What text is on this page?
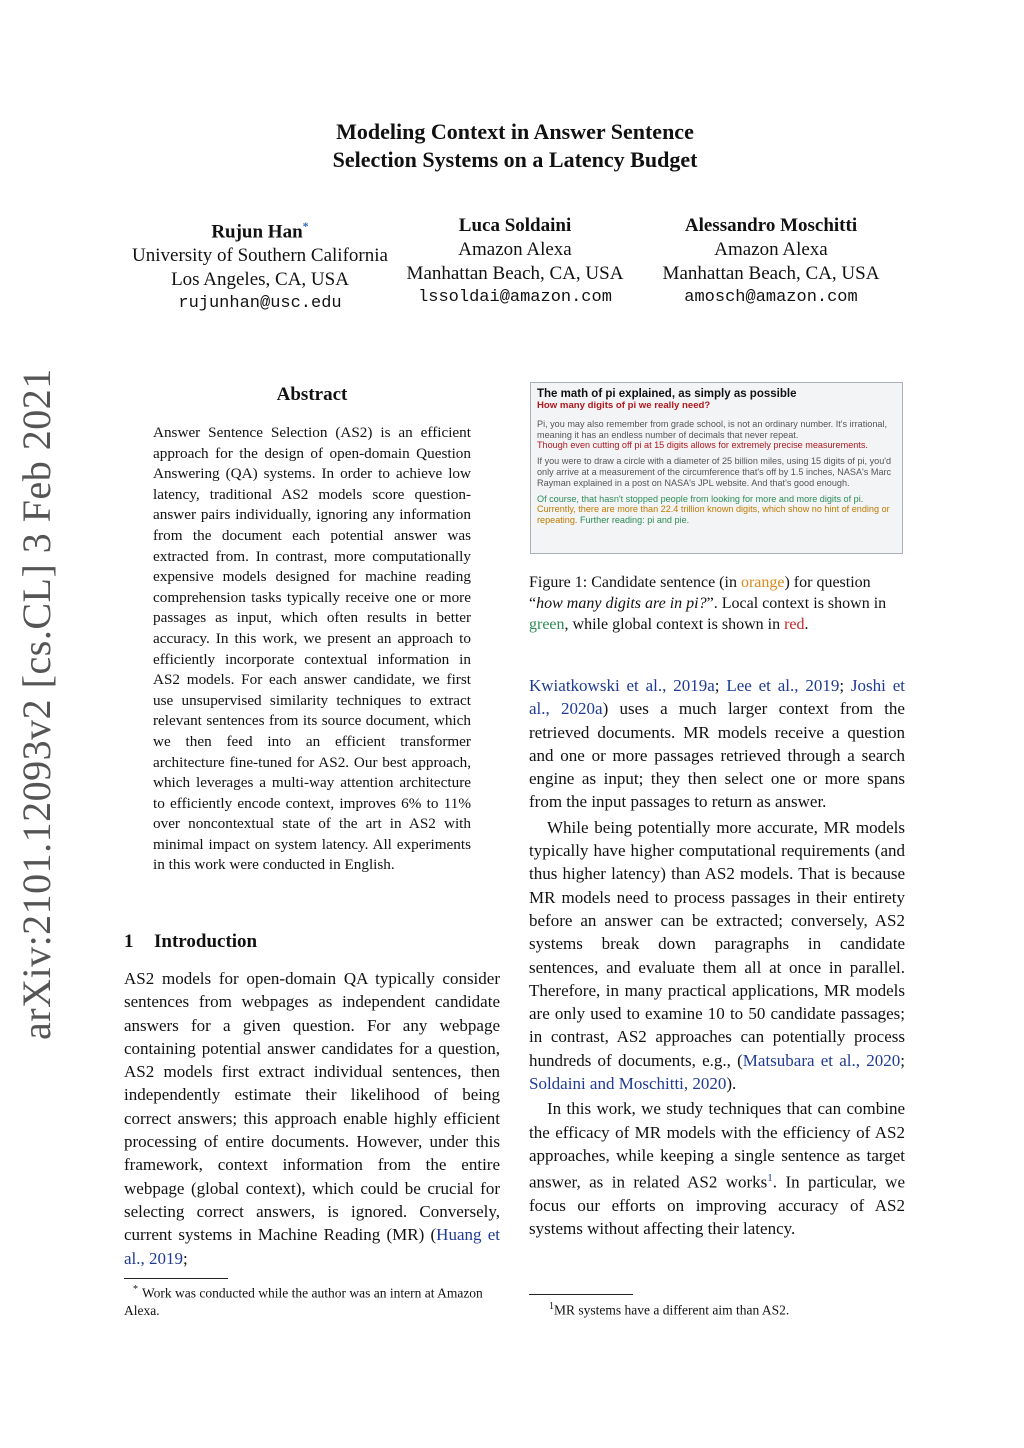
arXiv:2101.12093v2 [cs.CL] 3 Feb 2021
Modeling Context in Answer Sentence
Selection Systems on a Latency Budget
Rujun Han*
University of Southern California
Los Angeles, CA, USA
rujunhan@usc.edu
Luca Soldaini
Amazon Alexa
Manhattan Beach, CA, USA
lssoldai@amazon.com
Alessandro Moschitti
Amazon Alexa
Manhattan Beach, CA, USA
amosch@amazon.com
Abstract
Answer Sentence Selection (AS2) is an efficient approach for the design of open-domain Question Answering (QA) systems. In order to achieve low latency, traditional AS2 models score question-answer pairs individually, ignoring any information from the document each potential answer was extracted from. In contrast, more computationally expensive models designed for machine reading comprehension tasks typically receive one or more passages as input, which often results in better accuracy. In this work, we present an approach to efficiently incorporate contextual information in AS2 models. For each answer candidate, we first use unsupervised similarity techniques to extract relevant sentences from its source document, which we then feed into an efficient transformer architecture fine-tuned for AS2. Our best approach, which leverages a multi-way attention architecture to efficiently encode context, improves 6% to 11% over noncontextual state of the art in AS2 with minimal impact on system latency. All experiments in this work were conducted in English.
1 Introduction
AS2 models for open-domain QA typically consider sentences from webpages as independent candidate answers for a given question. For any webpage containing potential answer candidates for a question, AS2 models first extract individual sentences, then independently estimate their likelihood of being correct answers; this approach enable highly efficient processing of entire documents. However, under this framework, context information from the entire webpage (global context), which could be crucial for selecting correct answers, is ignored. Conversely, current systems in Machine Reading (MR) (Huang et al., 2019;
* Work was conducted while the author was an intern at Amazon Alexa.
The math of pi explained, as simply as possible
How many digits of pi we really need?

Pi, you may also remember from grade school, is not an ordinary number. It's irrational, meaning it has an endless number of decimals that never repeat.
Though even cutting off pi at 15 digits allows for extremely precise measurements.

If you were to draw a circle with a diameter of 25 billion miles, using 15 digits of pi, you'd only arrive at a measurement of the circumference that's off by 1.5 inches, NASA's Marc Rayman explained in a post on NASA's JPL website. And that's good enough.

Of course, that hasn't stopped people from looking for more and more digits of pi.
Currently, there are more than 22.4 trillion known digits, which show no hint of ending or repeating. Further reading: pi and pie.

Figure 1: Candidate sentence (in orange) for question “how many digits are in pi?”. Local context is shown in green, while global context is shown in red.

Kwiatkowski et al., 2019a; Lee et al., 2019; Joshi et al., 2020a) uses a much larger context from the retrieved documents. MR models receive a question and one or more passages retrieved through a search engine as input; they then select one or more spans from the input passages to return as answer.

While being potentially more accurate, MR models typically have higher computational requirements (and thus higher latency) than AS2 models. That is because MR models need to process passages in their entirety before an answer can be extracted; conversely, AS2 systems break down paragraphs in candidate sentences, and evaluate them all at once in parallel. Therefore, in many practical applications, MR models are only used to examine 10 to 50 candidate passages; in contrast, AS2 approaches can potentially process hundreds of documents, e.g., (Matsubara et al., 2020; Soldaini and Moschitti, 2020).

In this work, we study techniques that can combine the efficacy of MR models with the efficiency of AS2 approaches, while keeping a single sentence as target answer, as in related AS2 works$^1$. In particular, we focus our efforts on improving accuracy of AS2 systems without affecting their latency.

$^1$MR systems have a different aim than AS2.
